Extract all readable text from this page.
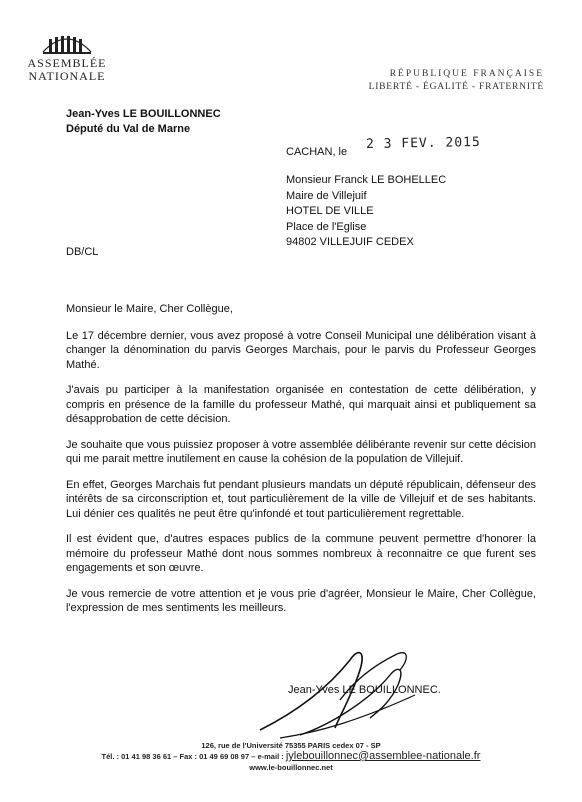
ASSEMBLÉE
NATIONALE	RÉPUBLIQUE FRANÇAISE
LIBERTÉ - ÉGALITÉ - FRATERNITÉ
Jean-Yves LE BOUILLONNEC
Député du Val de Marne
CACHAN, le 2 3 FEV. 2015
Monsieur Franck LE BOHELLEC
Maire de Villejuif
HOTEL DE VILLE
Place de l'Eglise
94802 VILLEJUIF CEDEX
DB/CL

Monsieur le Maire, Cher Collègue,

Le 17 décembre dernier, vous avez proposé à votre Conseil Municipal une délibération visant à changer la dénomination du parvis Georges Marchais, pour le parvis du Professeur Georges Mathé.

J'avais pu participer à la manifestation organisée en contestation de cette délibération, y compris en présence de la famille du professeur Mathé, qui marquait ainsi et publiquement sa désapprobation de cette décision.

Je souhaite que vous puissiez proposer à votre assemblée délibérante revenir sur cette décision qui me parait mettre inutilement en cause la cohésion de la population de Villejuif.

En effet, Georges Marchais fut pendant plusieurs mandats un député républicain, défenseur des intérêts de sa circonscription et, tout particulièrement de la ville de Villejuif et de ses habitants. Lui dénier ces qualités ne peut être qu'infondé et tout particulièrement regrettable.

Il est évident que, d'autres espaces publics de la commune peuvent permettre d'honorer la mémoire du professeur Mathé dont nous sommes nombreux à reconnaitre ce que furent ses engagements et son œuvre.

Je vous remercie de votre attention et je vous prie d'agréer, Monsieur le Maire, Cher Collègue, l'expression de mes sentiments les meilleurs.

Jean-Yves LE BOUILLONNEC.
126, rue de l'Université 75355 PARIS cedex 07 - SP
Tél. : 01 41 98 36 61 – Fax : 01 49 69 08 97 – e-mail : jylebouillonnec@assemblee-nationale.fr
www.le-bouillonnec.net
